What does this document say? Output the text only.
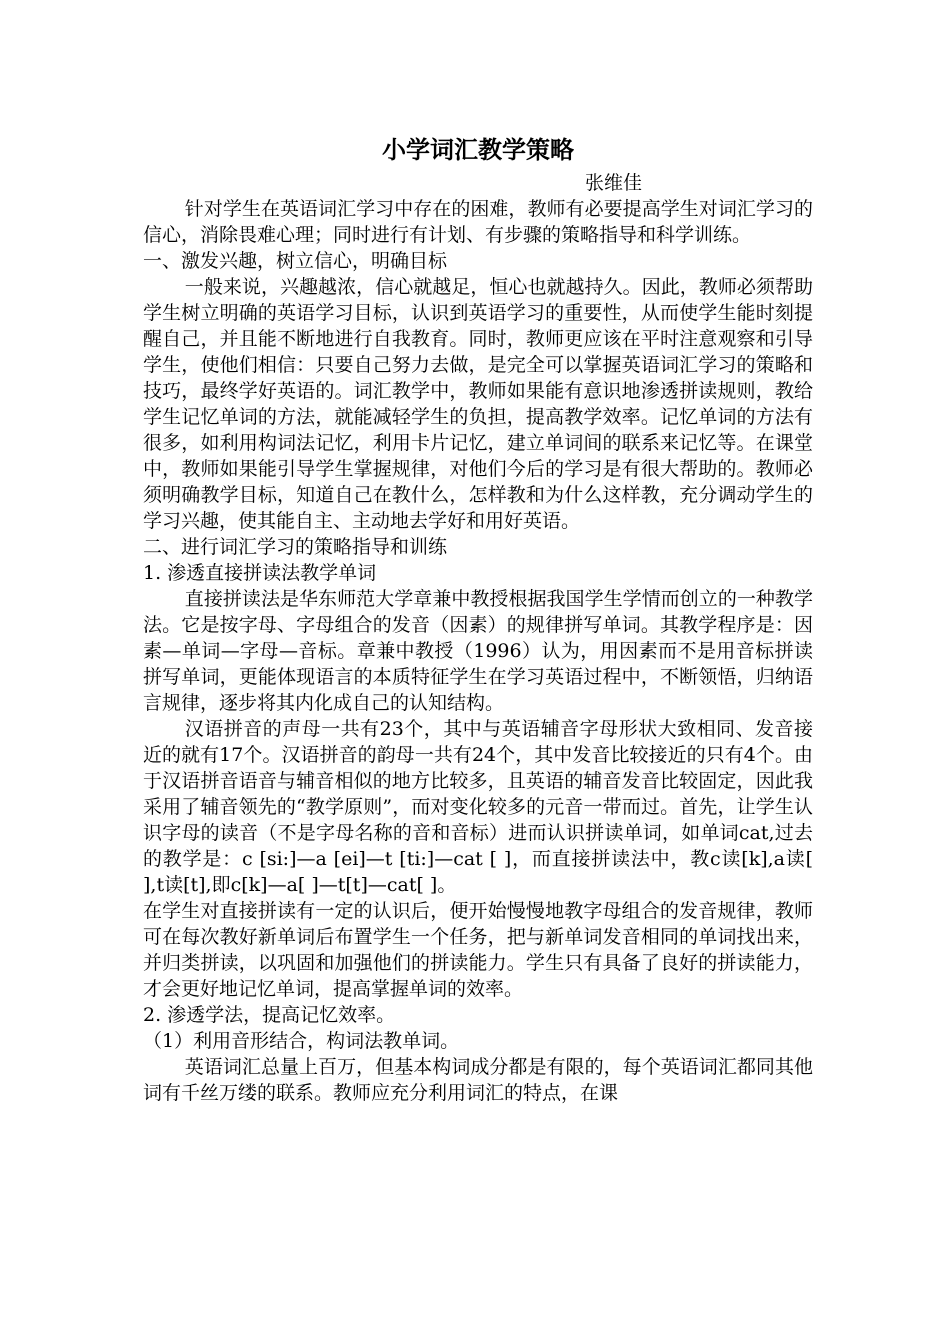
小学词汇教学策略
张维佳

针对学生在英语词汇学习中存在的困难，教师有必要提高学生对词汇学习的信心，消除畏难心理；同时进行有计划、有步骤的策略指导和科学训练。

一、激发兴趣，树立信心，明确目标

一般来说，兴趣越浓，信心就越足，恒心也就越持久。因此，教师必须帮助学生树立明确的英语学习目标，认识到英语学习的重要性，从而使学生能时刻提醒自己，并且能不断地进行自我教育。同时，教师更应该在平时注意观察和引导学生，使他们相信：只要自己努力去做，是完全可以掌握英语词汇学习的策略和技巧，最终学好英语的。词汇教学中，教师如果能有意识地渗透拼读规则，教给学生记忆单词的方法，就能减轻学生的负担，提高教学效率。记忆单词的方法有很多，如利用构词法记忆，利用卡片记忆，建立单词间的联系来记忆等。在课堂中，教师如果能引导学生掌握规律，对他们今后的学习是有很大帮助的。教师必须明确教学目标，知道自己在教什么，怎样教和为什么这样教，充分调动学生的学习兴趣，使其能自主、主动地去学好和用好英语。

二、进行词汇学习的策略指导和训练

1. 渗透直接拼读法教学单词

直接拼读法是华东师范大学章兼中教授根据我国学生学情而创立的一种教学法。它是按字母、字母组合的发音（因素）的规律拼写单词。其教学程序是：因素—单词—字母—音标。章兼中教授（1996）认为，用因素而不是用音标拼读拼写单词，更能体现语言的本质特征学生在学习英语过程中，不断领悟，归纳语言规律，逐步将其内化成自己的认知结构。

汉语拼音的声母一共有23个，其中与英语辅音字母形状大致相同、发音接近的就有17个。汉语拼音的韵母一共有24个，其中发音比较接近的只有4个。由于汉语拼音语音与辅音相似的地方比较多，且英语的辅音发音比较固定，因此我采用了辅音领先的“教学原则”，而对变化较多的元音一带而过。首先，让学生认识字母的读音（不是字母名称的音和音标）进而认识拼读单词，如单词cat,过去的教学是：c [si:]—a [ei]—t [ti:]—cat [ ]，而直接拼读法中，教c读[k],a读[ ],t读[t],即c[k]—a[ ]—t[t]—cat[ ]。

在学生对直接拼读有一定的认识后，便开始慢慢地教字母组合的发音规律，教师可在每次教好新单词后布置学生一个任务，把与新单词发音相同的单词找出来，并归类拼读，以巩固和加强他们的拼读能力。学生只有具备了良好的拼读能力，才会更好地记忆单词，提高掌握单词的效率。

2. 渗透学法，提高记忆效率。

（1）利用音形结合，构词法教单词。

英语词汇总量上百万，但基本构词成分都是有限的，每个英语词汇都同其他词有千丝万缕的联系。教师应充分利用词汇的特点，在课
